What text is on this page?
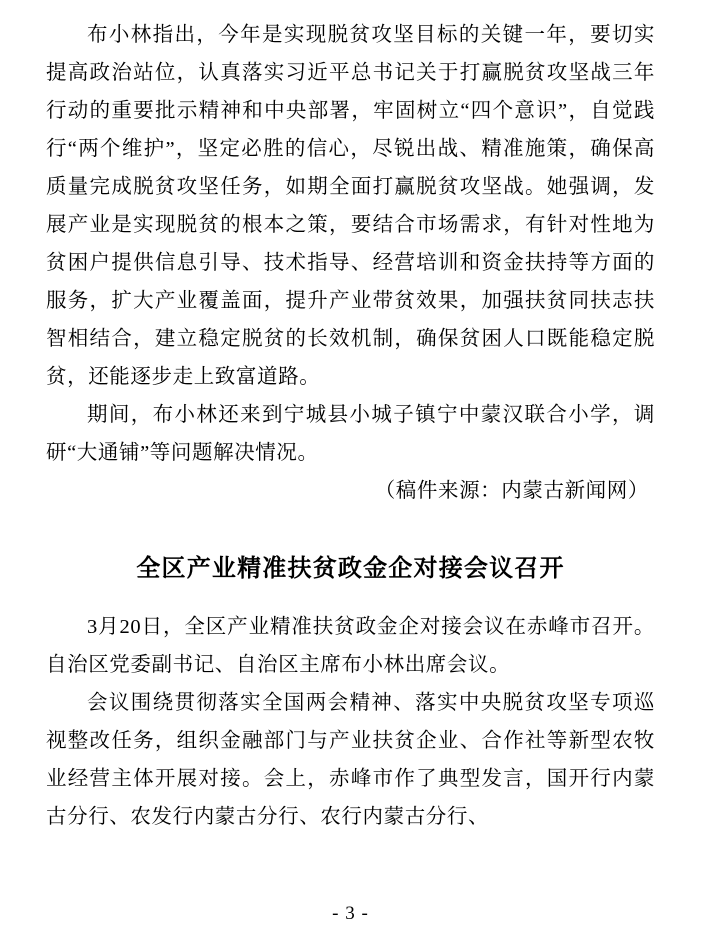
布小林指出，今年是实现脱贫攻坚目标的关键一年，要切实提高政治站位，认真落实习近平总书记关于打赢脱贫攻坚战三年行动的重要批示精神和中央部署，牢固树立“四个意识”，自觉践行“两个维护”，坚定必胜的信心，尽锐出战、精准施策，确保高质量完成脱贫攻坚任务，如期全面打赢脱贫攻坚战。她强调，发展产业是实现脱贫的根本之策，要结合市场需求，有针对性地为贫困户提供信息引导、技术指导、经营培训和资金扶持等方面的服务，扩大产业覆盖面，提升产业带贫效果，加强扶贫同扶志扶智相结合，建立稳定脱贫的长效机制，确保贫困人口既能稳定脱贫，还能逐步走上致富道路。

期间，布小林还来到宁城县小城子镇宁中蒙汉联合小学，调研“大通铺”等问题解决情况。

（稿件来源：内蒙古新闻网）

全区产业精准扶贫政金企对接会议召开

3月20日，全区产业精准扶贫政金企对接会议在赤峰市召开。自治区党委副书记、自治区主席布小林出席会议。

会议围绕贯彻落实全国两会精神、落实中央脱贫攻坚专项巡视整改任务，组织金融部门与产业扶贫企业、合作社等新型农牧业经营主体开展对接。会上，赤峰市作了典型发言，国开行内蒙古分行、农发行内蒙古分行、农行内蒙古分行、

- 3 -
